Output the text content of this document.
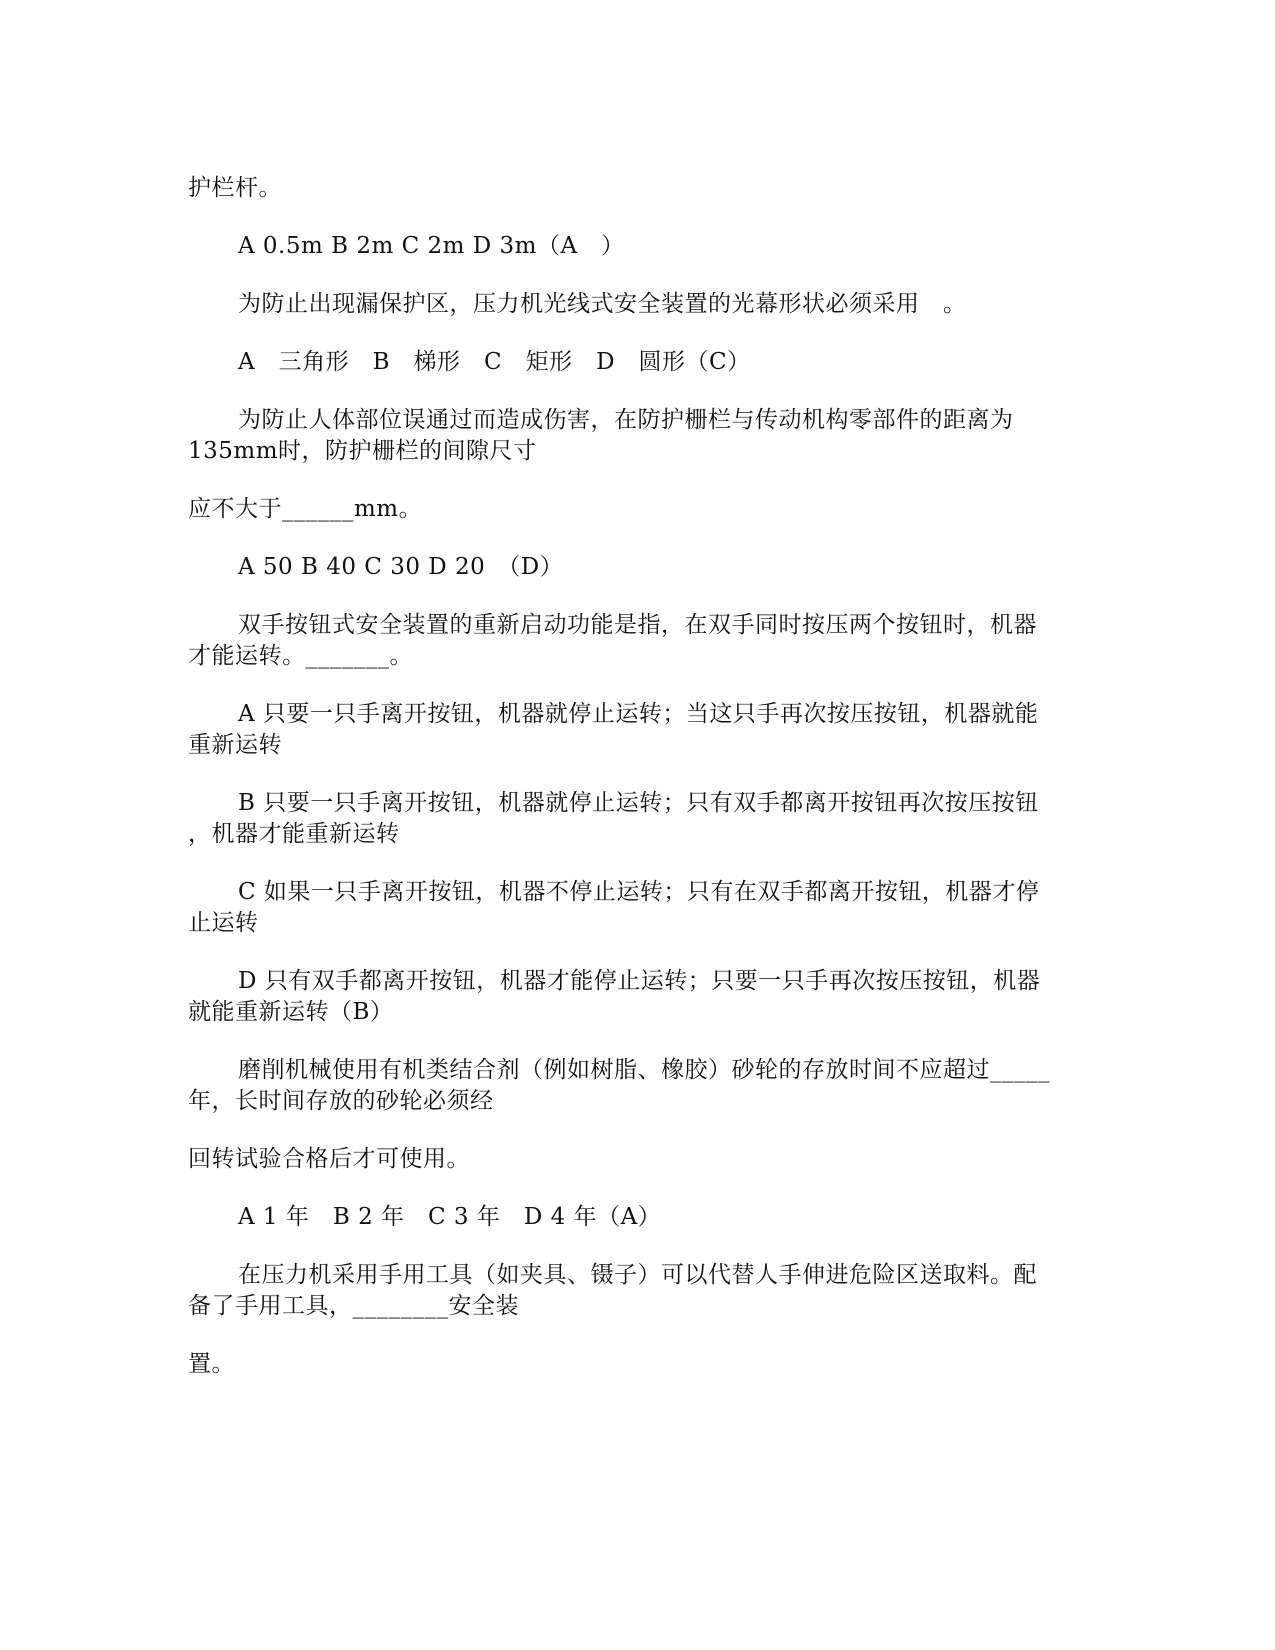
护栏杆。
A 0.5m B 2m C 2m D 3m（A　）
为防止出现漏保护区，压力机光线式安全装置的光幕形状必须采用　。
A　三角形　B　梯形　C　矩形　D　圆形（C）
为防止人体部位误通过而造成伤害，在防护栅栏与传动机构零部件的距离为
135mm时，防护栅栏的间隙尺寸
应不大于______mm。
A 50 B 40 C 30 D 20　（D）
双手按钮式安全装置的重新启动功能是指，在双手同时按压两个按钮时，机器
才能运转。_______。
A 只要一只手离开按钮，机器就停止运转；当这只手再次按压按钮，机器就能
重新运转
B 只要一只手离开按钮，机器就停止运转；只有双手都离开按钮再次按压按钮
，机器才能重新运转
C 如果一只手离开按钮，机器不停止运转；只有在双手都离开按钮，机器才停
止运转
D 只有双手都离开按钮，机器才能停止运转；只要一只手再次按压按钮，机器
就能重新运转（B）
磨削机械使用有机类结合剂（例如树脂、橡胶）砂轮的存放时间不应超过_____
年，长时间存放的砂轮必须经
回转试验合格后才可使用。
A 1 年　B 2 年　C 3 年　D 4 年（A）
在压力机采用手用工具（如夹具、镊子）可以代替人手伸进危险区送取料。配
备了手用工具，________安全装
置。
